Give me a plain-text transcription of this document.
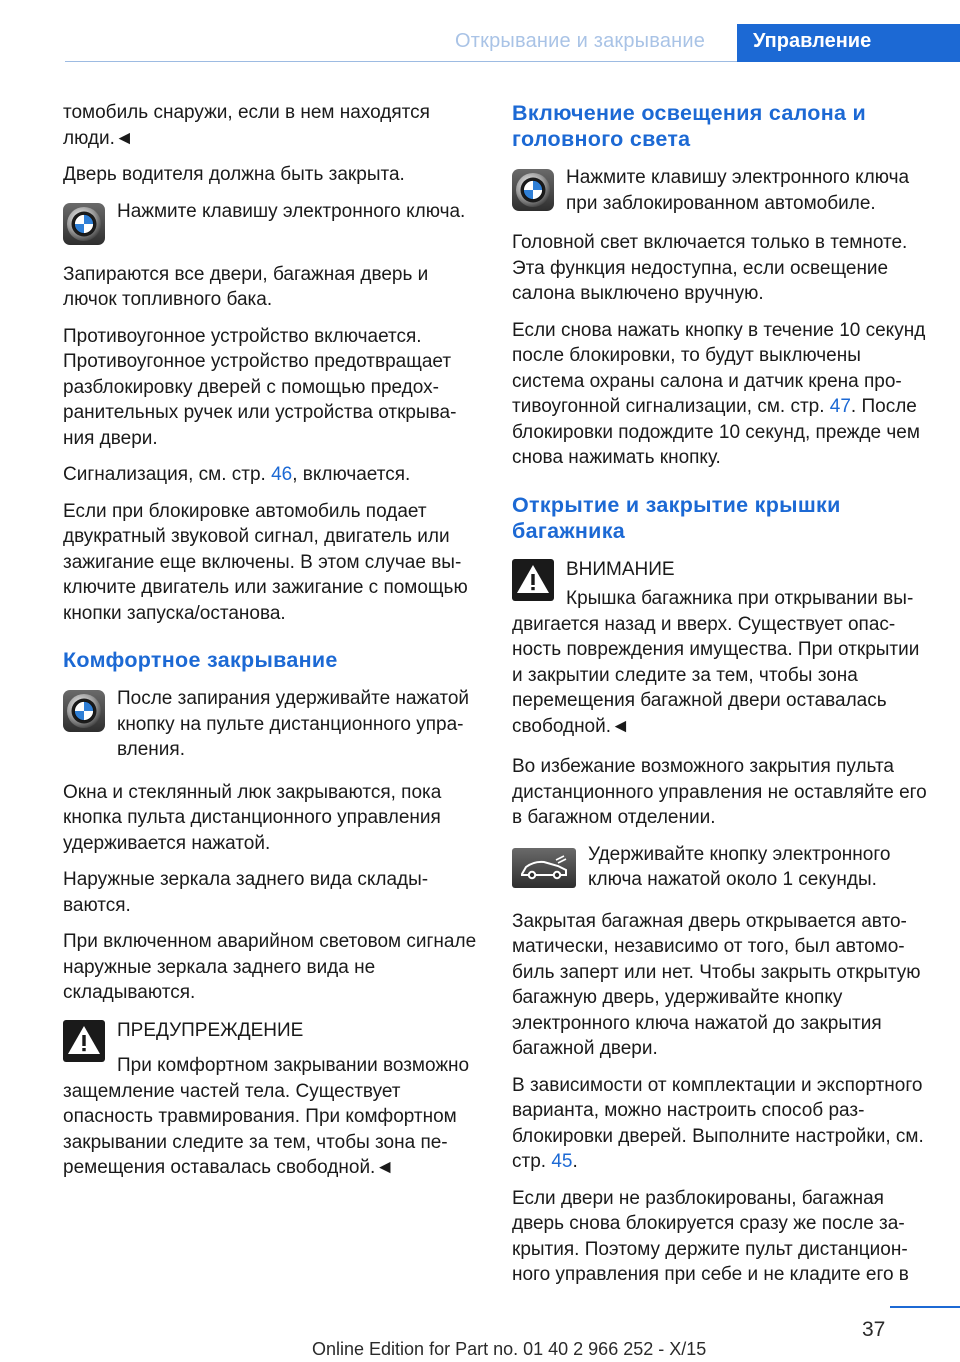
Открывание и закрывание Управление
томобиль снаружи, если в нем находятся люди.◄
Дверь водителя должна быть закрыта.
Нажмите клавишу электронного ключа.
Запираются все двери, багажная дверь и лючок топливного бака.
Противоугонное устройство включается. Противоугонное устройство предотвращает разблокировку дверей с помощью предохранительных ручек или устройства открывания двери.
Сигнализация, см. стр. 46, включается.
Если при блокировке автомобиль подает двукратный звуковой сигнал, двигатель или зажигание еще включены. В этом случае выключите двигатель или зажигание с помощью кнопки запуска/останова.
Комфортное закрывание
После запирания удерживайте нажатой кнопку на пульте дистанционного управления.
Окна и стеклянный люк закрываются, пока кнопка пульта дистанционного управления удерживается нажатой.
Наружные зеркала заднего вида складываются.
При включенном аварийном световом сигнале наружные зеркала заднего вида не складываются.
ПРЕДУПРЕЖДЕНИЕ
При комфортном закрывании возможно защемление частей тела. Существует опасность травмирования. При комфортном закрывании следите за тем, чтобы зона перемещения оставалась свободной.◄
Включение освещения салона и головного света
Нажмите клавишу электронного ключа при заблокированном автомобиле.
Головной свет включается только в темноте. Эта функция недоступна, если освещение салона выключено вручную.
Если снова нажать кнопку в течение 10 секунд после блокировки, то будут выключены система охраны салона и датчик крена противоугонной сигнализации, см. стр. 47. После блокировки подождите 10 секунд, прежде чем снова нажимать кнопку.
Открытие и закрытие крышки багажника
ВНИМАНИЕ
Крышка багажника при открывании выдвигается назад и вверх. Существует опасность повреждения имущества. При открытии и закрытии следите за тем, чтобы зона перемещения багажной двери оставалась свободной.◄
Во избежание возможного закрытия пульта дистанционного управления не оставляйте его в багажном отделении.
Удерживайте кнопку электронного ключа нажатой около 1 секунды.
Закрытая багажная дверь открывается автоматически, независимо от того, был автомобиль заперт или нет. Чтобы закрыть открытую багажную дверь, удерживайте кнопку электронного ключа нажатой до закрытия багажной двери.
В зависимости от комплектации и экспортного варианта, можно настроить способ разблокировки дверей. Выполните настройки, см. стр. 45.
Если двери не разблокированы, багажная дверь снова блокируется сразу же после закрытия. Поэтому держите пульт дистанционного управления при себе и не кладите его в
37
Online Edition for Part no. 01 40 2 966 252 - X/15
